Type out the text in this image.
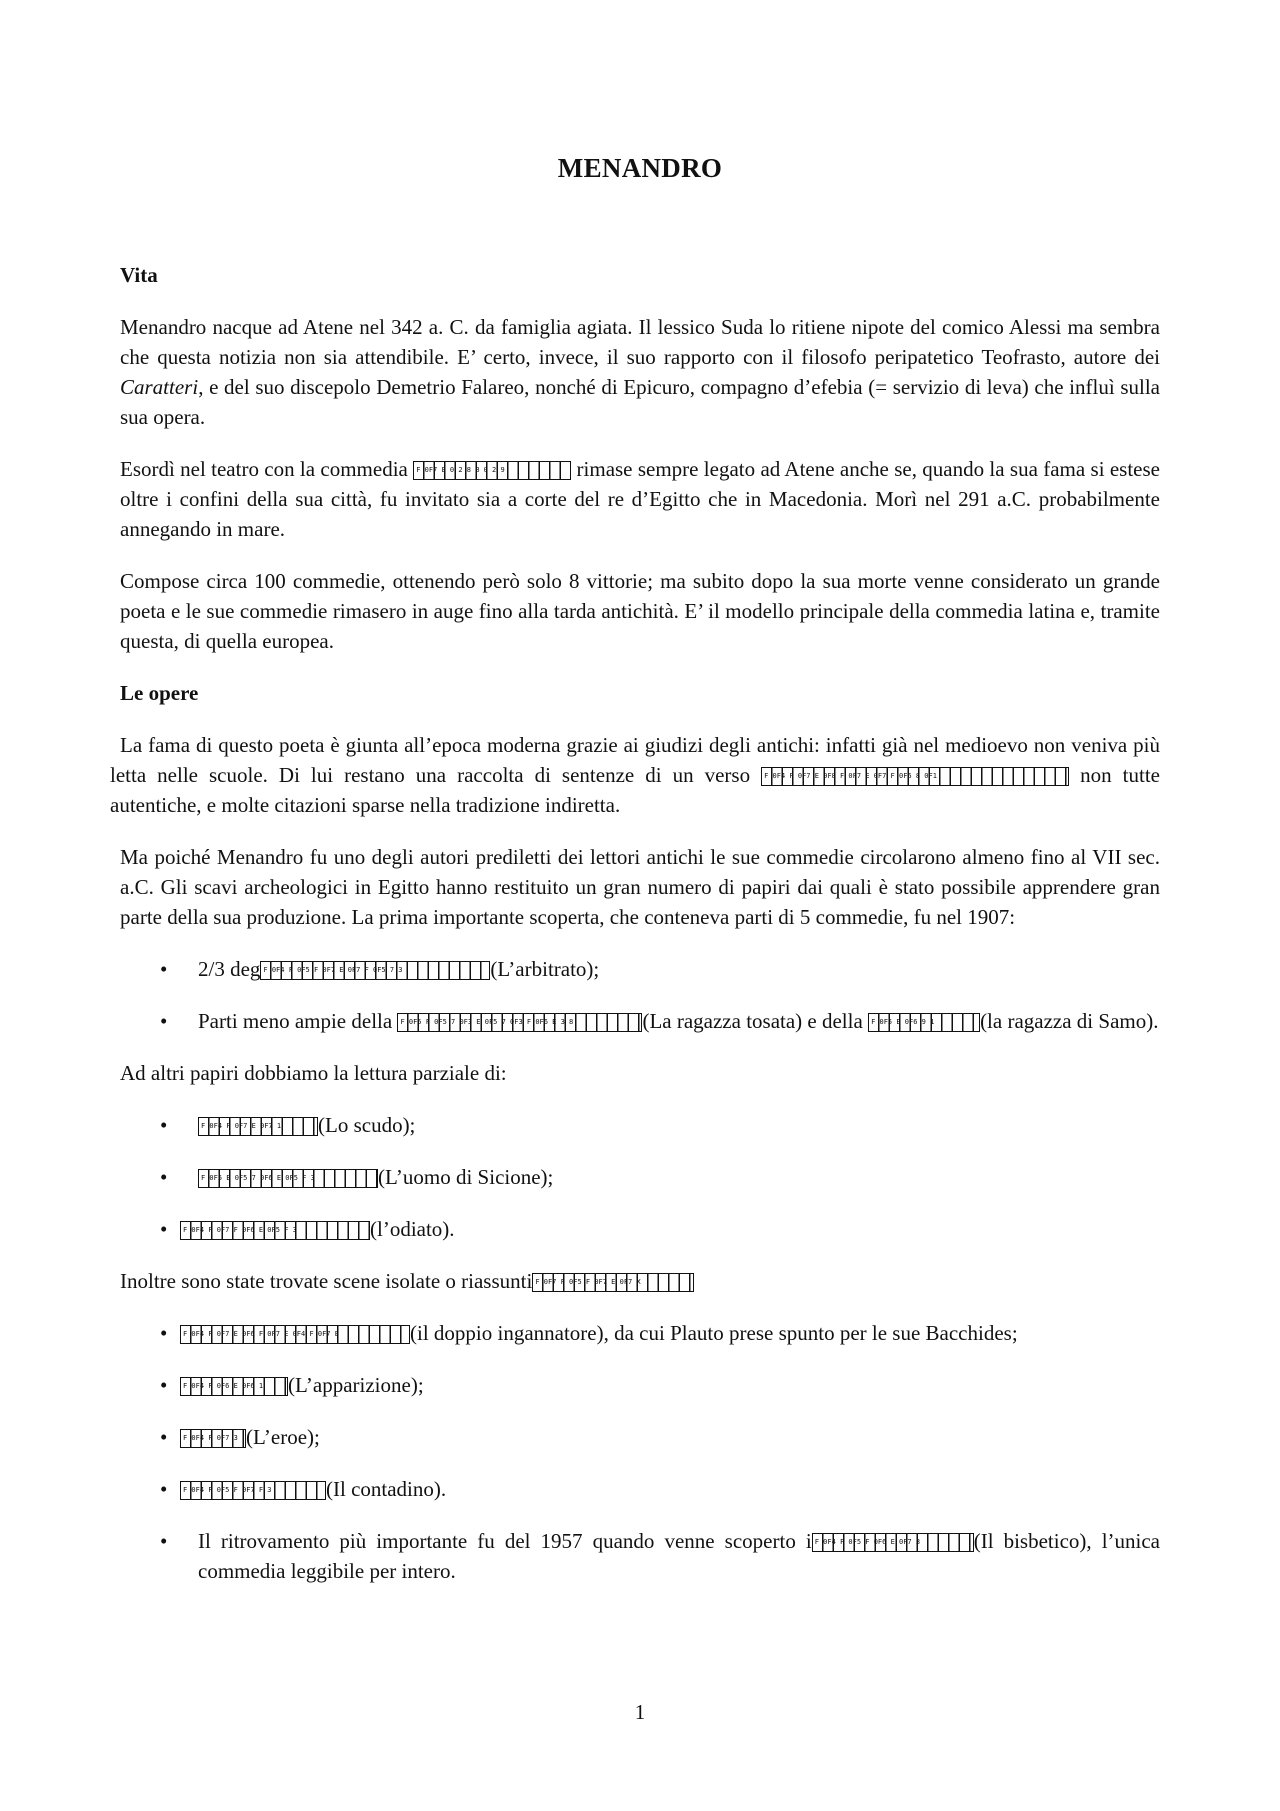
MENANDRO
Vita

Menandro nacque ad Atene nel 342 a. C. da famiglia agiata. Il lessico Suda lo ritiene nipote del comico Alessi ma sembra che questa notizia non sia attendibile. E’ certo, invece, il suo rapporto con il filosofo peripatetico Teofrasto, autore dei Caratteri, e del suo discepolo Demetrio Falareo, nonché di Epicuro, compagno d’efebia (= servizio di leva) che influì sulla sua opera.

Esordì nel teatro con la commedia F 0F7 E 0 2 8 B 0 2 9	rimase sempre legato ad Atene anche se, quando la sua fama si estese oltre i confini della sua città, fu invitato sia a corte del re d’Egitto che in Macedonia. Morì nel 291 a.C. probabilmente annegando in mare.

Compose circa 100 commedie, ottenendo però solo 8 vittorie; ma subito dopo la sua morte venne considerato un grande poeta e le sue commedie rimasero in auge fino alla tarda antichità. E’ il modello principale della commedia latina e, tramite questa, di quella europea.

Le opere

La fama di questo poeta è giunta all’epoca moderna grazie ai giudizi degli antichi: infatti già nel medioevo non veniva più letta nelle scuole. Di lui restano una raccolta di sentenze di un verso F 0F4 F 0F7 E 0F8 F 0F7 E 0F7 F 0F6 8 0F1	non tutte autentiche, e molte citazioni sparse nella tradizione indiretta.

Ma poiché Menandro fu uno degli autori prediletti dei lettori antichi le sue commedie circolarono almeno fino al VII sec. a.C. Gli scavi archeologici in Egitto hanno restituito un gran numero di papiri dai quali è stato possibile apprendere gran parte della sua produzione. La prima importante scoperta, che conteneva parti di 5 commedie, fu nel 1907:

• 2/3 deg F 0F4 F 0F5 F 0F7 E 0F7 F 0F5 7 3	(L’arbitrato);
• Parti meno ampie della F 0F5 F 0F5 7 0F3 E 0F5 7 0F3 F 0F6 E 3 8	(La ragazza tosata) e della F 0F5 E 0F6 9 1 (la ragazza di Samo).

Ad altri papiri dobbiamo la lettura parziale di:

•	F 0F4 F 0F7 E 0F7 1 (Lo scudo);
•	F 0F5 E 0F5 7 0F6 E 0F5 F 3	(L’uomo di Sicione);
• F 0F4 F 0F7 F 0F6 E 0F5 F 3	(l’odiato).

Inoltre sono state trovate scene isolate o riassunti F 0F7 F 0F5 F 0F7 E 0F7 X

• F 0F4 F 0F7 E 0F6 F 0F7 E 0F4 F 0F7 E	(il doppio ingannatore), da cui Plauto prese spunto per le sue Bacchides;
• F 0F4 F 0F6 E 0F6 1 (L’apparizione);
• F 0F4 F 0F7 3 (L’eroe);
• F 0F4 F 0F5 F 0F7 F 3	(Il contadino).
• Il ritrovamento più importante fu del 1957 quando venne scoperto i F 0F4 F 0F5 F 0F6 E 0F7 3	(Il bisbetico), l’unica commedia leggibile per intero.
1
